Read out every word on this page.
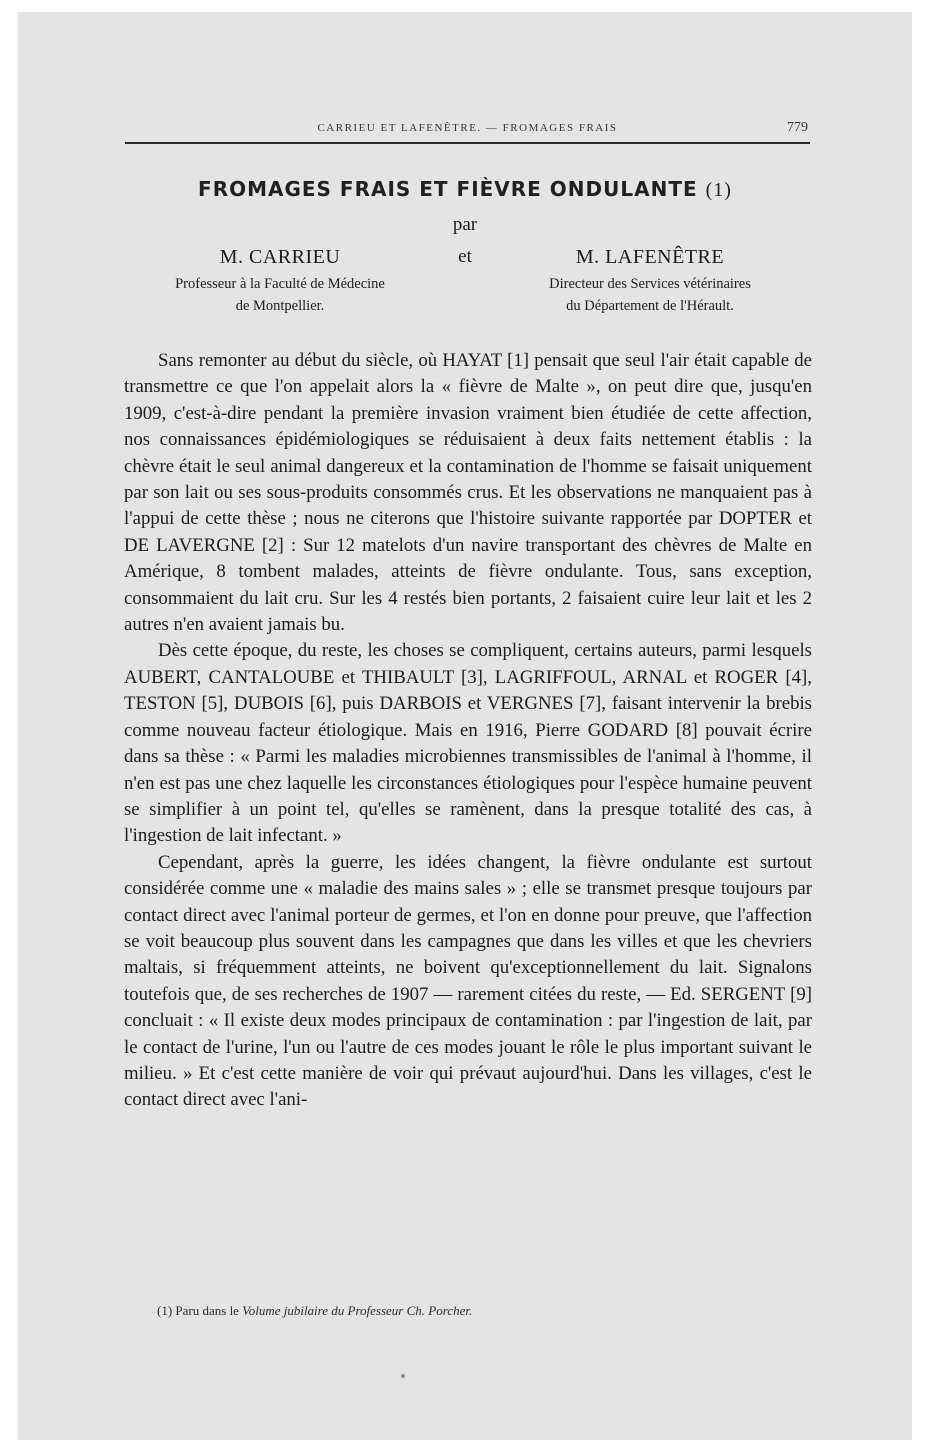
CARRIEU ET LAFENÊTRE. — FROMAGES FRAIS	779
FROMAGES FRAIS ET FIÈVRE ONDULANTE (1)
par
M. CARRIEU
Professeur à la Faculté de Médecine
de Montpellier.
et	M. LAFENÊTRE
Directeur des Services vétérinaires
du Département de l'Hérault.

Sans remonter au début du siècle, où HAYAT [1] pensait que seul l'air était capable de transmettre ce que l'on appelait alors la « fièvre de Malte », on peut dire que, jusqu'en 1909, c'est-à-dire pendant la première invasion vraiment bien étudiée de cette affection, nos connaissances épidémiologiques se réduisaient à deux faits nettement établis : la chèvre était le seul animal dangereux et la contamination de l'homme se faisait uniquement par son lait ou ses sous-produits consommés crus. Et les observations ne manquaient pas à l'appui de cette thèse ; nous ne citerons que l'histoire suivante rapportée par DOPTER et DE LAVERGNE [2] : Sur 12 matelots d'un navire transportant des chèvres de Malte en Amérique, 8 tombent malades, atteints de fièvre ondulante. Tous, sans exception, consommaient du lait cru. Sur les 4 restés bien portants, 2 faisaient cuire leur lait et les 2 autres n'en avaient jamais bu.

Dès cette époque, du reste, les choses se compliquent, certains auteurs, parmi lesquels AUBERT, CANTALOUBE et THIBAULT [3], LAGRIFFOUL, ARNAL et ROGER [4], TESTON [5], DUBOIS [6], puis DARBOIS et VERGNES [7], faisant intervenir la brebis comme nouveau facteur étiologique. Mais en 1916, Pierre GODARD [8] pouvait écrire dans sa thèse : « Parmi les maladies microbiennes transmissibles de l'animal à l'homme, il n'en est pas une chez laquelle les circonstances étiologiques pour l'espèce humaine peuvent se simplifier à un point tel, qu'elles se ramènent, dans la presque totalité des cas, à l'ingestion de lait infectant. »

Cependant, après la guerre, les idées changent, la fièvre ondulante est surtout considérée comme une « maladie des mains sales » ; elle se transmet presque toujours par contact direct avec l'animal porteur de germes, et l'on en donne pour preuve, que l'affection se voit beaucoup plus souvent dans les campagnes que dans les villes et que les chevriers maltais, si fréquemment atteints, ne boivent qu'exceptionnellement du lait. Signalons toutefois que, de ses recherches de 1907 — rarement citées du reste, — Ed. SERGENT [9] concluait : « Il existe deux modes principaux de contamination : par l'ingestion de lait, par le contact de l'urine, l'un ou l'autre de ces modes jouant le rôle le plus important suivant le milieu. » Et c'est cette manière de voir qui prévaut aujourd'hui. Dans les villages, c'est le contact direct avec l'ani-

(1) Paru dans le Volume jubilaire du Professeur Ch. Porcher.
